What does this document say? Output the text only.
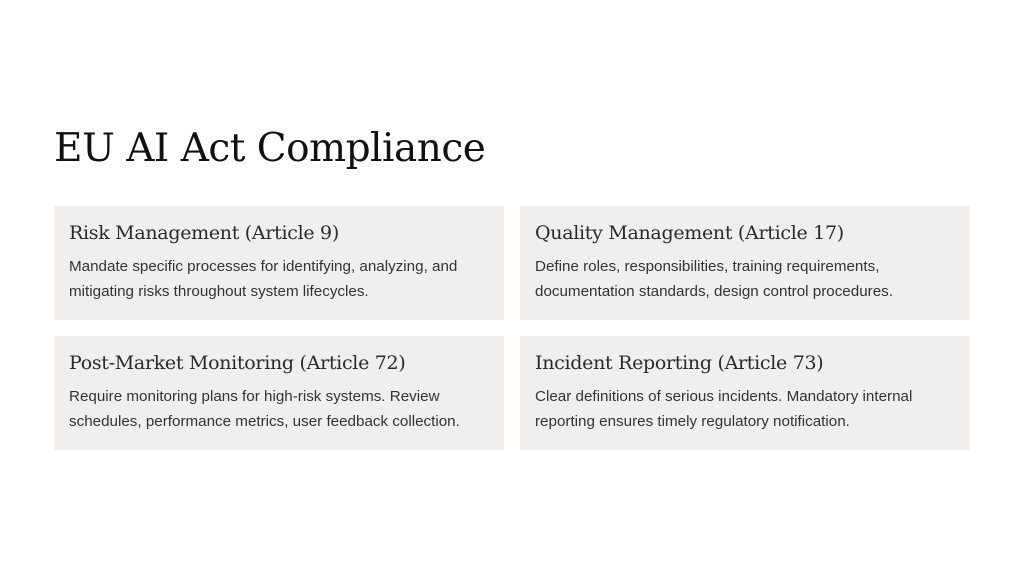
EU AI Act Compliance
Risk Management (Article 9)

Mandate specific processes for identifying, analyzing, and mitigating risks throughout system lifecycles.

Quality Management (Article 17)

Define roles, responsibilities, training requirements, documentation standards, design control procedures.

Post-Market Monitoring (Article 72)

Require monitoring plans for high-risk systems. Review schedules, performance metrics, user feedback collection.

Incident Reporting (Article 73)

Clear definitions of serious incidents. Mandatory internal reporting ensures timely regulatory notification.
